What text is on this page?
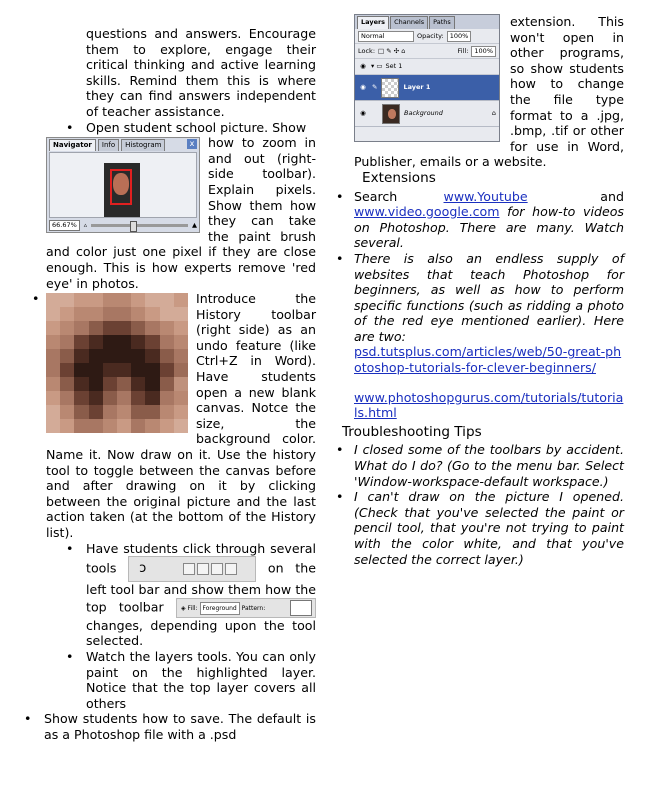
questions and answers. Encourage them to explore, engage their critical thinking and active learning skills. Remind them this is where they can find answers independent of teacher assistance.

• Open student school picture. Show

Navigator	Info	Histogram	x
66.67%	▵	▲

how to zoom in and out (right-side toolbar). Explain pixels. Show them how they can take the paint brush and color just one pixel if they are close enough. This is how experts remove 'red eye' in photos.

•	Introduce the History toolbar (right side) as an undo feature (like Ctrl+Z in Word). Have students open a new blank canvas. Notce the size, the background color. Name it. Now draw on it. Use the history tool to toggle between the canvas before and after drawing on it by clicking between the original picture and the last action taken (at the bottom of the History list).

• Have students click through several tools ↄ	on the left tool bar and show them how the top toolbar	◈ Fill: Foreground Pattern:
changes, depending upon the tool selected.

• Watch the layers tools. You can only paint on the highlighted layer. Notice that the top layer covers all others

• Show students how to save. The default is as a Photoshop file with a .psd

Layers	Channels	Paths
Normal	Opacity: 100%
Lock: □ ✎ ✣ ⌂	Fill: 100%
◉ ▾ ▭ Set 1
◉ ✎	Layer 1
◉	Background	⌂

extension. This won't open in other programs, so show students how to change the file type format to a .jpg, .bmp, .tif or other for use in Word, Publisher, emails or a website.

Extensions

• Search	www.Youtube	and www.video.google.com for how-to videos on Photoshop. There are many. Watch several.

• There is also an endless supply of websites that teach Photoshop for beginners, as well as how to perform specific functions (such as ridding a photo of the red eye mentioned earlier). Here are two:

psd.tutsplus.com/articles/web/50-great-photoshop-tutorials-for-clever-beginners/

www.photoshopgurus.com/tutorials/tutorials.html

Troubleshooting Tips

• I closed some of the toolbars by accident. What do I do? (Go to the menu bar. Select 'Window-workspace-default workspace.)

• I can't draw on the picture I opened. (Check that you've selected the paint or pencil tool, that you're not trying to paint with the color white, and that you've selected the correct layer.)
